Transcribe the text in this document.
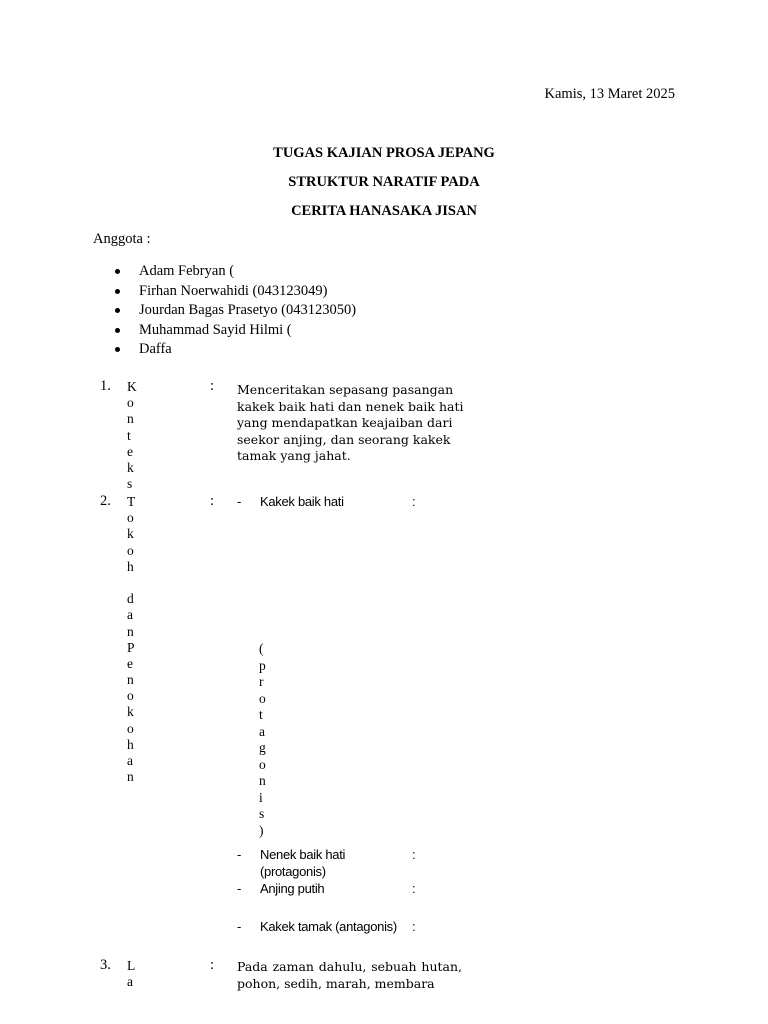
Kamis, 13 Maret 2025
TUGAS KAJIAN PROSA JEPANG
STRUKTUR NARATIF PADA
CERITA HANASAKA JISAN
Anggota :
Adam Febryan (
Firhan Noerwahidi (043123049)
Jourdan Bagas Prasetyo (043123050)
Muhammad Sayid Hilmi (
Daffa
1. K
o
n
t
e
k
s
: Menceritakan sepasang pasangan kakek baik hati dan nenek baik hati yang mendapatkan keajaiban dari seekor anjing, dan seorang kakek tamak yang jahat.
2. T
o
k
o
h
d
a
n
P
e
n
o
k
o
h
a
n
: - Kakek baik hati	:
(
p
r
o
t
a
g
o
n
i
s
)
- Nenek baik hati
(protagonis)
:
- Anjing putih	:
- Kakek tamak (antagonis) :
3. L
a
: Pada zaman dahulu, sebuah hutan, pohon, sedih, marah, membara
